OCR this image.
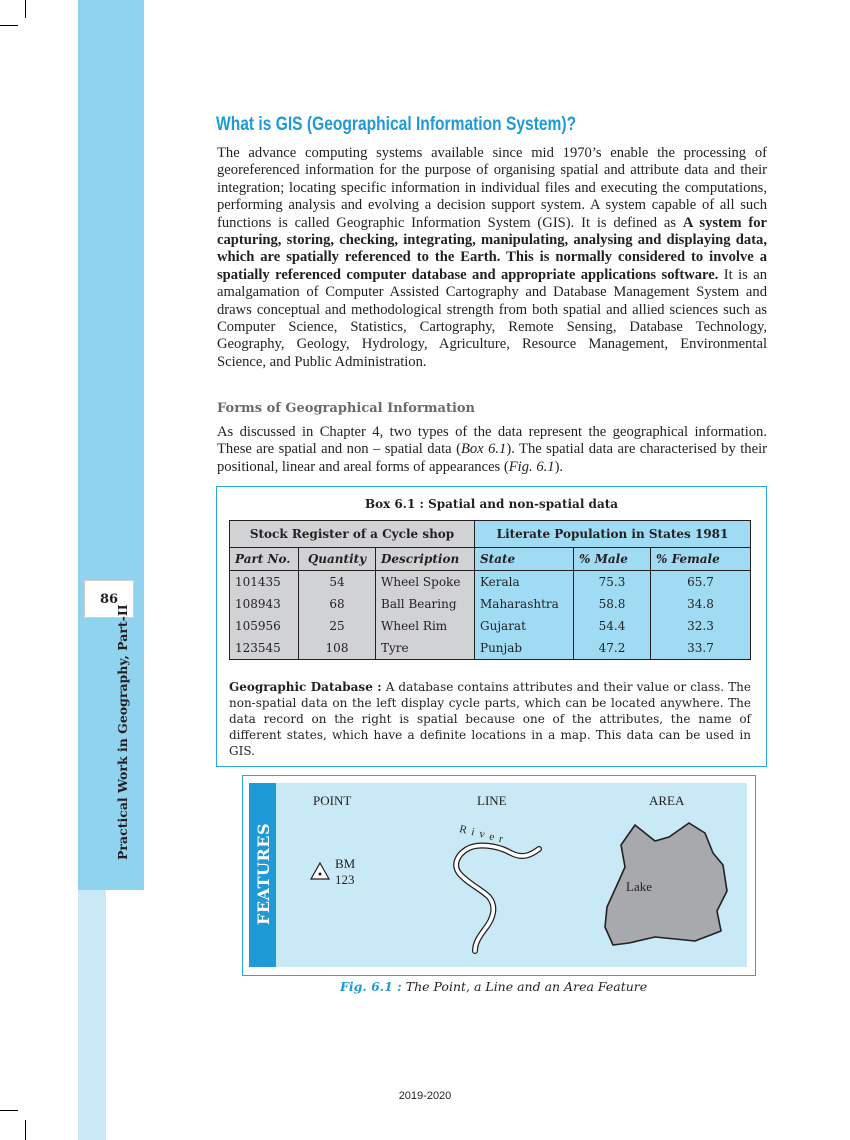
86
Practical Work in Geography, Part-II
What is GIS (Geographical Information System)?

The advance computing systems available since mid 1970’s enable the processing of georeferenced information for the purpose of organising spatial and attribute data and their integration; locating specific information in individual files and executing the computations, performing analysis and evolving a decision support system. A system capable of all such functions is called Geographic Information System (GIS). It is defined as A system for capturing, storing, checking, integrating, manipulating, analysing and displaying data, which are spatially referenced to the Earth. This is normally considered to involve a spatially referenced computer database and appropriate applications software. It is an amalgamation of Computer Assisted Cartography and Database Management System and draws conceptual and methodological strength from both spatial and allied sciences such as Computer Science, Statistics, Cartography, Remote Sensing, Database Technology, Geography, Geology, Hydrology, Agriculture, Resource Management, Environmental Science, and Public Administration.

Forms of Geographical Information

As discussed in Chapter 4, two types of the data represent the geographical information. These are spatial and non – spatial data (Box 6.1). The spatial data are characterised by their positional, linear and areal forms of appearances (Fig. 6.1).

Box 6.1 : Spatial and non-spatial data
Stock Register of a Cycle shop			Literate Population in States 1981		
Part No.	Quantity	Description	State	% Male	% Female
101435	54	Wheel Spoke	Kerala	75.3	65.7
108943	68	Ball Bearing	Maharashtra	58.8	34.8
105956	25	Wheel Rim	Gujarat	54.4	32.3
123545	108	Tyre	Punjab	47.2	33.7

Geographic Database : A database contains attributes and their value or class. The non-spatial data on the left display cycle parts, which can be located anywhere. The data record on the right is spatial because one of the attributes, the name of different states, which have a definite locations in a map. This data can be used in GIS.

FEATURES
POINT	LINE	AREA
BM
123
River
Lake
Fig. 6.1 : The Point, a Line and an Area Feature
2019-2020
